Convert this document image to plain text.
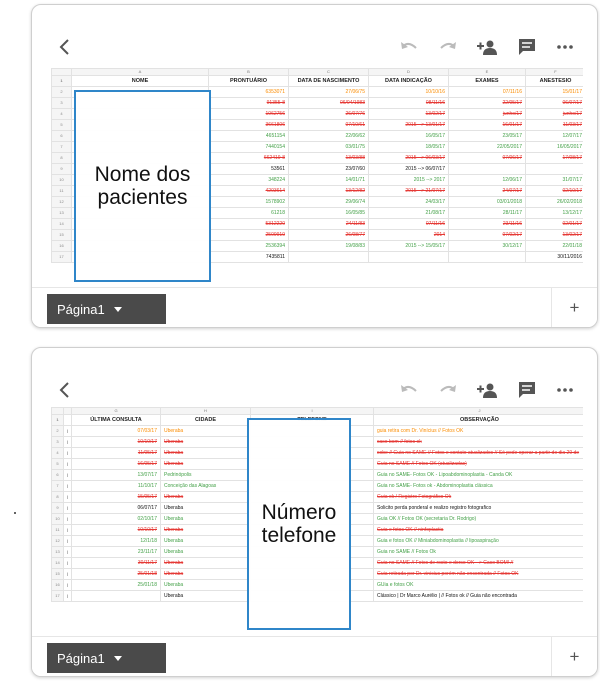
	A	B	C	D	E	F
1	NOME	PRONTUÁRIO	DATA DE NASCIMENTO	DATA INDICAÇÃO	EXAMES	ANESTESIO
2		6353071	27/06/75	10/10/16	07/11/16	15/01/17
3		91355-8	06/04/1983	08/11/16	22/05/17	06/07/17
4		1062756	26/07/76	13/02/17	junho/17	junho/17
5		3661806	07/10/61	2015 --> 13/01/17	16/01/17	11/03/17
6		4651154	22/06/62	16/05/17	23/05/17	12/07/17
7		7440154	03/01/75	18/05/17	22/05/2017	16/05/2017
8		662419-8	13/03/88	2015 --> 06/03/17	07/06/17	17/08/17
9		53561	23/07/60	2015 --> 06/07/17		
10		348224	14/01/71	2015 --> 2017	12/06/17	31/07/17
11		4203614	13/12/82	2015 --> 21/07/17	24/07/17	02/10/17
12		1578902	29/06/74	24/03/17	03/01/2018	26/02/2018
13		61218	16/05/85	21/08/17	28/11/17	13/12/17
14		5312220	24/11/83	07/11/16	23/11/16	02/01/17
15		2509919	26/08/77	2014	07/02/17	13/02/17
16		2536394	19/08/83	2015 --> 15/05/17	30/12/17	22/01/18
17		7435811				30/11/2016
Nome dos
pacientes
Página1	+
		G	H	I	J
1		ÚLTIMA CONSULTA	CIDADE		OBSERVAÇÃO
2	|	07/03/17	Uberaba		guia retira com Dr. Vinícius // Fotos OK
3	|	10/10/17	Uberaba		caso bom // fotos ok
4	|	11/05/17	Uberaba		sobe // Guia no SAME // Fotos e contato atualizados // Só pode operar a partir do dia 29 de
5	|	16/05/17	Uberaba		Guia no SAME // Fotos OK (atualizadas)
6	|	13/07/17	Pedrinópolis		Guia no SAME- Fotos OK - Lipoabdominoplastia - Canda OK
7	|	11/10/17	Conceição das Alagoas		Guia no SAME- Fotos ok - Abdominoplastia clássica
8	|	15/05/17	Uberaba		Guia ok / Registro Fotográfico Ok
9	|	06/07/17	Uberaba		Solicito perda ponderal e realizo registro fotografico
10	|	02/10/17	Uberaba		Guia OK // Fotos OK (secretaria Dr. Rodrigo)
11	|	10/10/17	Uberaba		Guia e fotos OK // ninfoplastia
12	|	12/1/18	Uberaba		Guia e fotos OK // Miniabdominoplastia // lipoaspiração
13	|	23/11/17	Uberaba		Guia no SAME // Fotos Ok
14	|	30/11/17	Uberaba		Guia no SAME // Fotos de rosto e dorso OK --> Caso BOM! //
15	|	25/01/18	Uberaba		Guia retirada por Dr. vinicius porém não encontrada // Fotos OK
16	|	25/01/18	Uberaba		GUia e fotos OK
17	|		Uberaba		Clássico | Dr Marco Aurélio | // Fotos ok // Guia não encontrada
Número
telefone
Página1	+
